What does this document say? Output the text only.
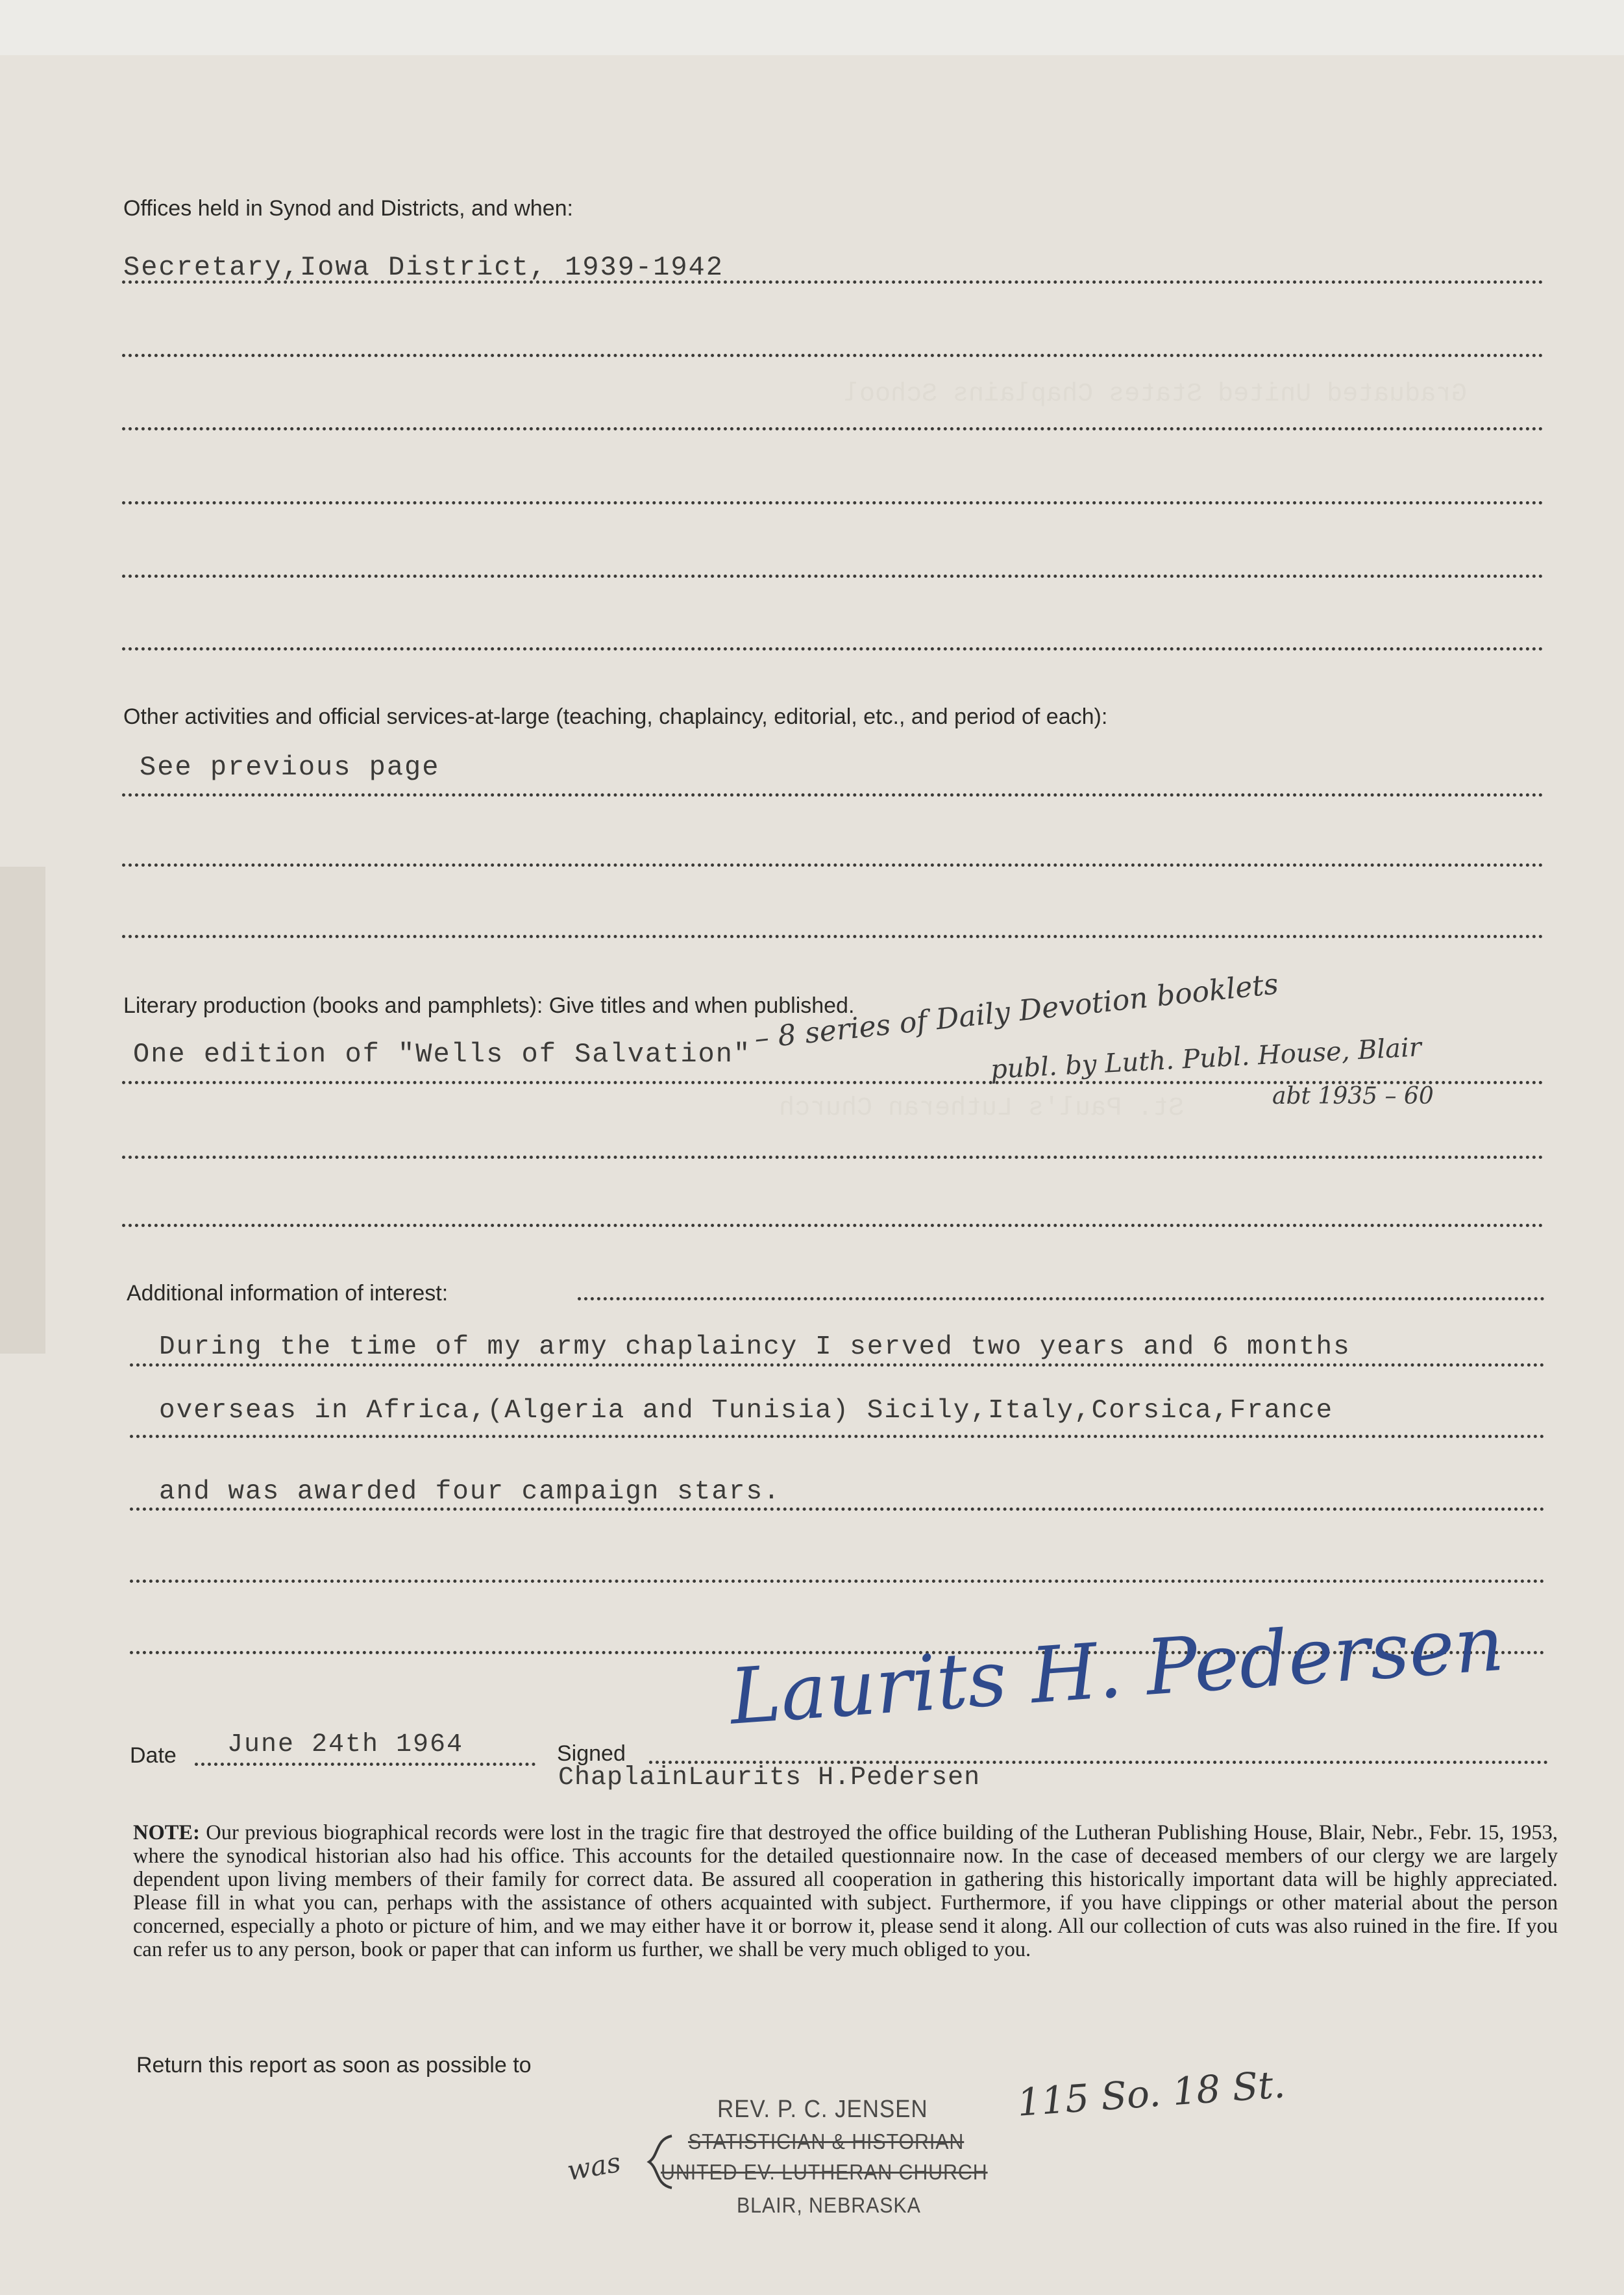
Graduated United States Chaplains School
St. Paul's Lutheran Church
Offices held in Synod and Districts, and when:
Secretary,Iowa District, 1939-1942
Other activities and official services-at-large (teaching, chaplaincy, editorial, etc., and period of each):
See previous page
Literary production (books and pamphlets): Give titles and when published.
One edition of "Wells of Salvation" – 8 series of Daily Devotion booklets
publ. by Luth. Publ. House, Blair
abt 1935 – 60
Additional information of interest:
During the time of my army chaplaincy I served two years and 6 months
overseas in Africa,(Algeria and Tunisia) Sicily,Italy,Corsica,France
and was awarded four campaign stars.
Date June 24th 1964	Signed
Laurits H. Pedersen
ChaplainLaurits H.Pedersen
NOTE: Our previous biographical records were lost in the tragic fire that destroyed the office building of the Lutheran Publishing House, Blair, Nebr., Febr. 15, 1953, where the synodical historian also had his office. This accounts for the detailed questionnaire now. In the case of deceased members of our clergy we are largely dependent upon living members of their family for correct data. Be assured all cooperation in gathering this historically important data will be highly appreciated. Please fill in what you can, perhaps with the assistance of others acquainted with subject. Furthermore, if you have clippings or other material about the person concerned, especially a photo or picture of him, and we may either have it or borrow it, please send it along. All our collection of cuts was also ruined in the fire. If you can refer us to any person, book or paper that can inform us further, we shall be very much obliged to you.
Return this report as soon as possible to
REV. P. C. JENSEN
STATISTICIAN & HISTORIAN
UNITED EV. LUTHERAN CHURCH
BLAIR, NEBRASKA
115 So. 18 St.
was
